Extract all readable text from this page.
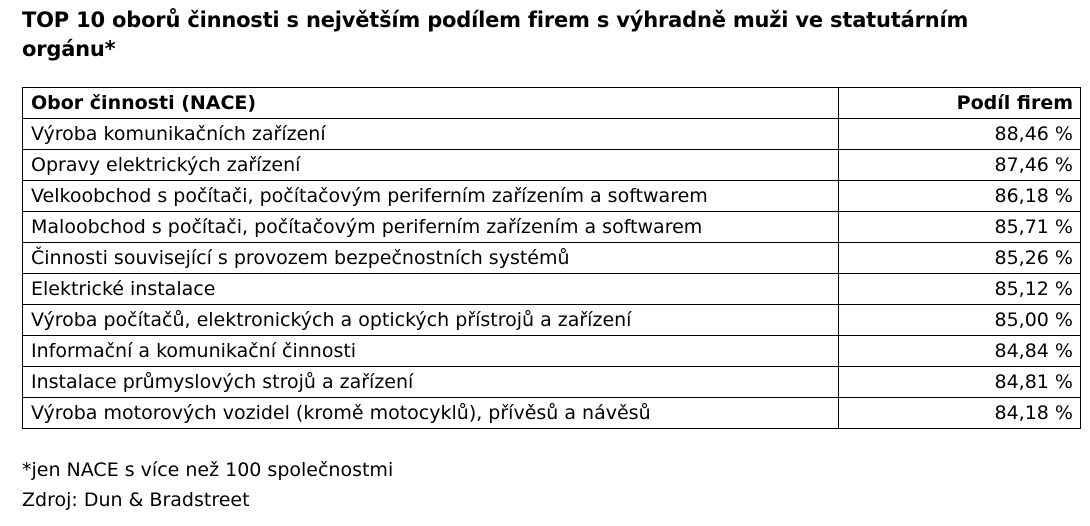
TOP 10 oborů činnosti s největším podílem firem s výhradně muži ve statutárním orgánu*
Obor činnosti (NACE)	Podíl firem
Výroba komunikačních zařízení	88,46 %
Opravy elektrických zařízení	87,46 %
Velkoobchod s počítači, počítačovým periferním zařízením a softwarem	86,18 %
Maloobchod s počítači, počítačovým periferním zařízením a softwarem	85,71 %
Činnosti související s provozem bezpečnostních systémů	85,26 %
Elektrické instalace	85,12 %
Výroba počítačů, elektronických a optických přístrojů a zařízení	85,00 %
Informační a komunikační činnosti	84,84 %
Instalace průmyslových strojů a zařízení	84,81 %
Výroba motorových vozidel (kromě motocyklů), přívěsů a návěsů	84,18 %
*jen NACE s více než 100 společnostmi
Zdroj: Dun & Bradstreet
